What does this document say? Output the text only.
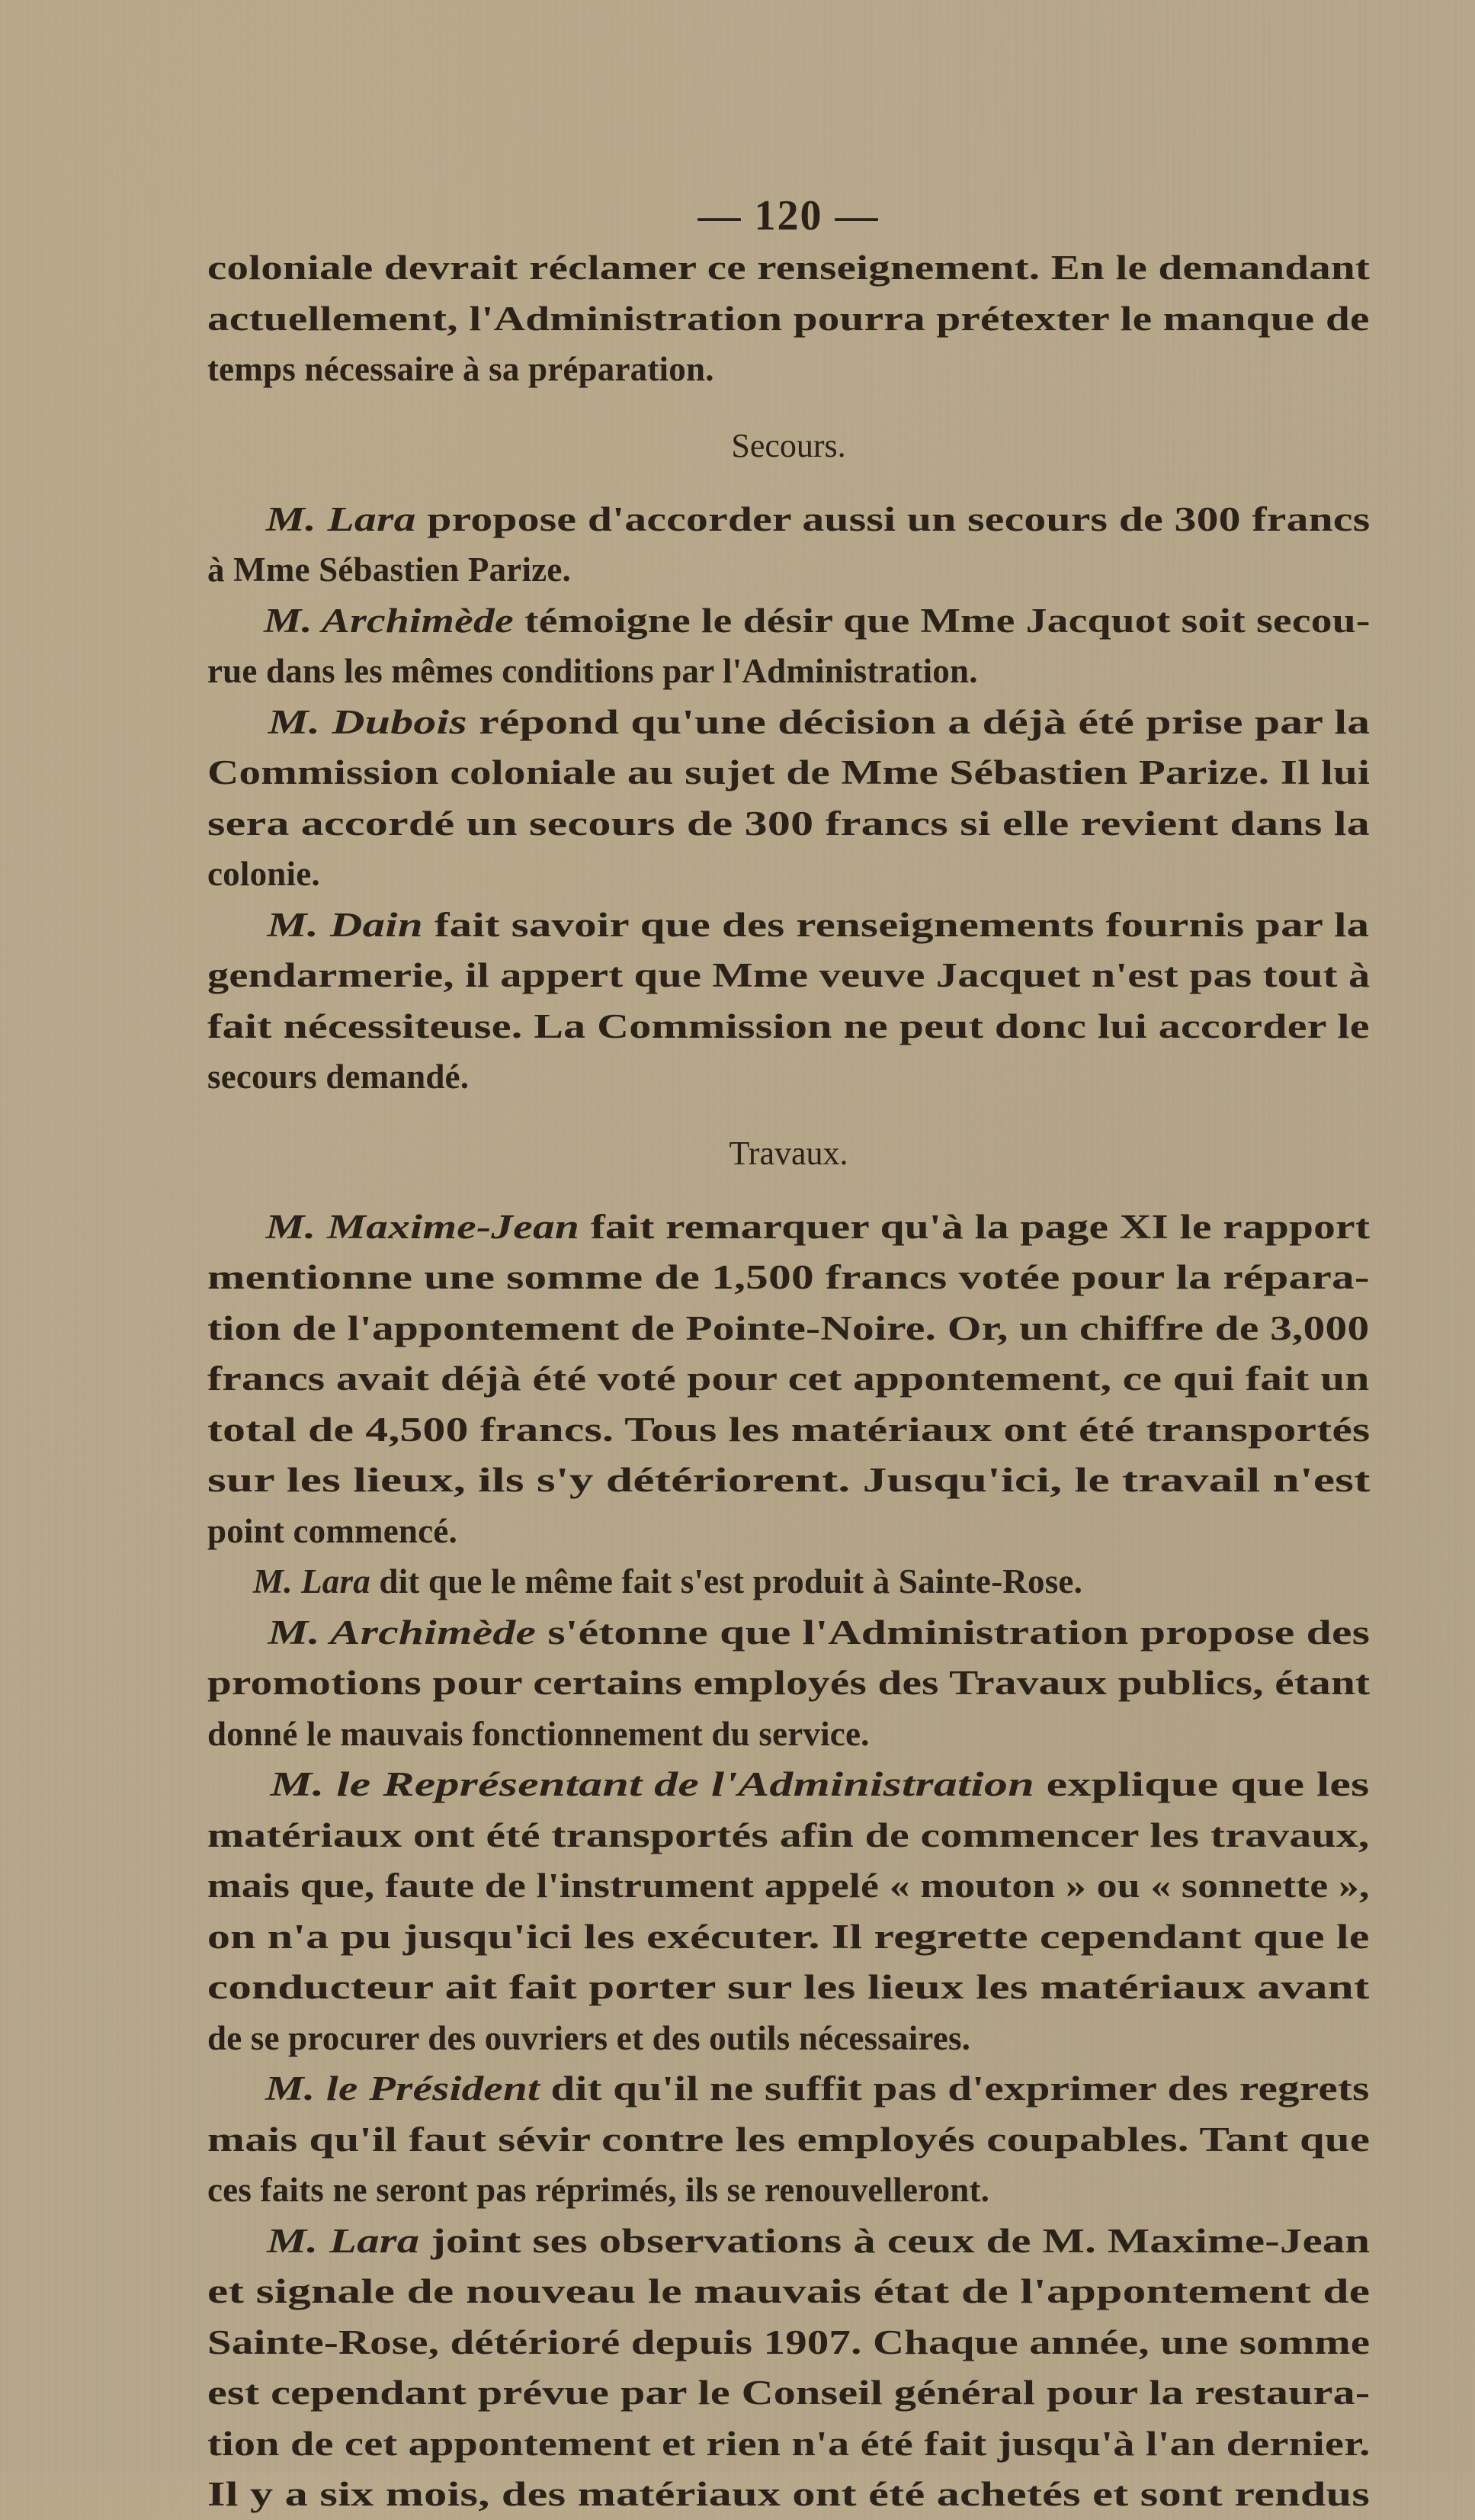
— 120 —
coloniale devrait réclamer ce renseignement. En le demandant
actuellement, l'Administration pourra prétexter le manque de
temps nécessaire à sa préparation.
Secours.
M. Lara propose d'accorder aussi un secours de 300 francs
à Mme Sébastien Parize.
M. Archimède témoigne le désir que Mme Jacquot soit secou-
rue dans les mêmes conditions par l'Administration.
M. Dubois répond qu'une décision a déjà été prise par la
Commission coloniale au sujet de Mme Sébastien Parize. Il lui
sera accordé un secours de 300 francs si elle revient dans la
colonie.
M. Dain fait savoir que des renseignements fournis par la
gendarmerie, il appert que Mme veuve Jacquet n'est pas tout à
fait nécessiteuse. La Commission ne peut donc lui accorder le
secours demandé.
Travaux.
M. Maxime-Jean fait remarquer qu'à la page XI le rapport
mentionne une somme de 1,500 francs votée pour la répara-
tion de l'appontement de Pointe-Noire. Or, un chiffre de 3,000
francs avait déjà été voté pour cet appontement, ce qui fait un
total de 4,500 francs. Tous les matériaux ont été transportés
sur les lieux, ils s'y détériorent. Jusqu'ici, le travail n'est
point commencé.
M. Lara dit que le même fait s'est produit à Sainte-Rose.
M. Archimède s'étonne que l'Administration propose des
promotions pour certains employés des Travaux publics, étant
donné le mauvais fonctionnement du service.
M. le Représentant de l'Administration explique que les
matériaux ont été transportés afin de commencer les travaux,
mais que, faute de l'instrument appelé « mouton » ou « sonnette »,
on n'a pu jusqu'ici les exécuter. Il regrette cependant que le
conducteur ait fait porter sur les lieux les matériaux avant
de se procurer des ouvriers et des outils nécessaires.
M. le Président dit qu'il ne suffit pas d'exprimer des regrets
mais qu'il faut sévir contre les employés coupables. Tant que
ces faits ne seront pas réprimés, ils se renouvelleront.
M. Lara joint ses observations à ceux de M. Maxime-Jean
et signale de nouveau le mauvais état de l'appontement de
Sainte-Rose, détérioré depuis 1907. Chaque année, une somme
est cependant prévue par le Conseil général pour la restaura-
tion de cet appontement et rien n'a été fait jusqu'à l'an dernier.
Il y a six mois, des matériaux ont été achetés et sont rendus
